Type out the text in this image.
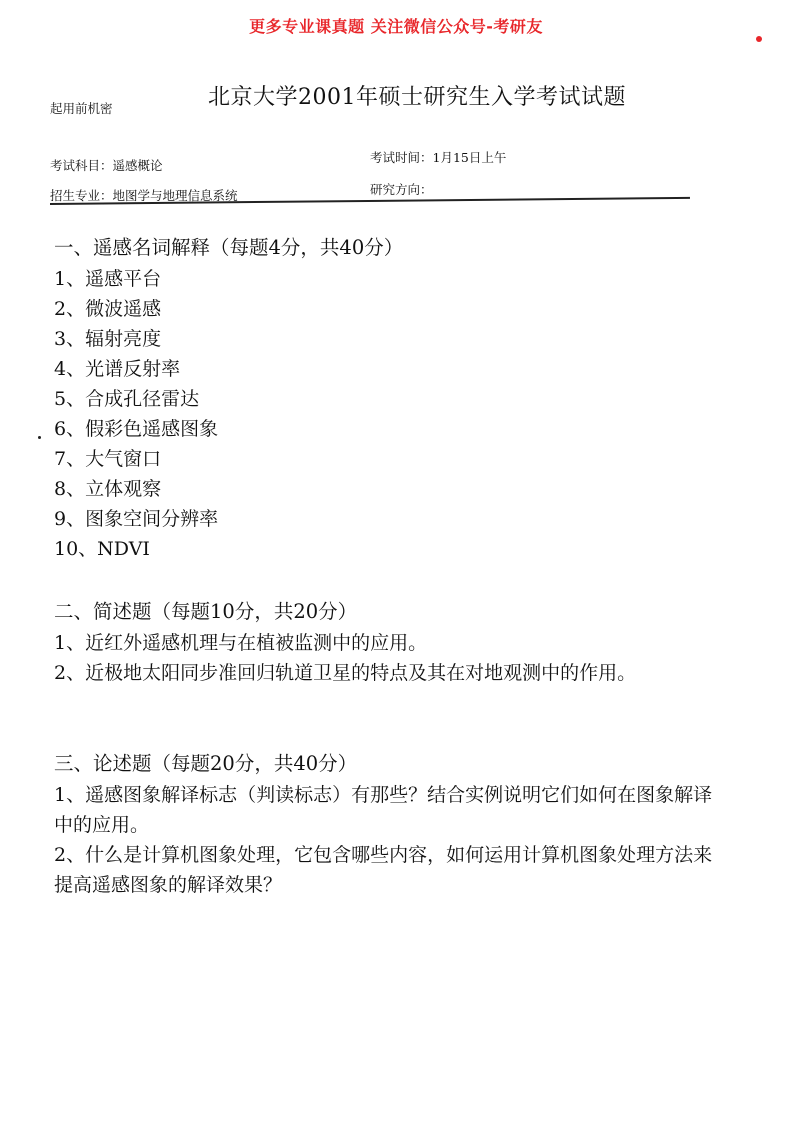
更多专业课真题 关注微信公众号-考研友
起用前机密	北京大学2001年硕士研究生入学考试试题
考试科目：遥感概论
考试时间：1月15日上午
招生专业：地图学与地理信息系统	研究方向：

一、遥感名词解释（每题4分，共40分）

1、遥感平台

2、微波遥感

3、辐射亮度

4、光谱反射率

5、合成孔径雷达

6、假彩色遥感图象

7、大气窗口

8、立体观察

9、图象空间分辨率

10、NDVI

二、简述题（每题10分，共20分）

1、近红外遥感机理与在植被监测中的应用。

2、近极地太阳同步准回归轨道卫星的特点及其在对地观测中的作用。

三、论述题（每题20分，共40分）

1、遥感图象解译标志（判读标志）有那些？结合实例说明它们如何在图象解译中的应用。

2、什么是计算机图象处理，它包含哪些内容，如何运用计算机图象处理方法来提高遥感图象的解译效果？
